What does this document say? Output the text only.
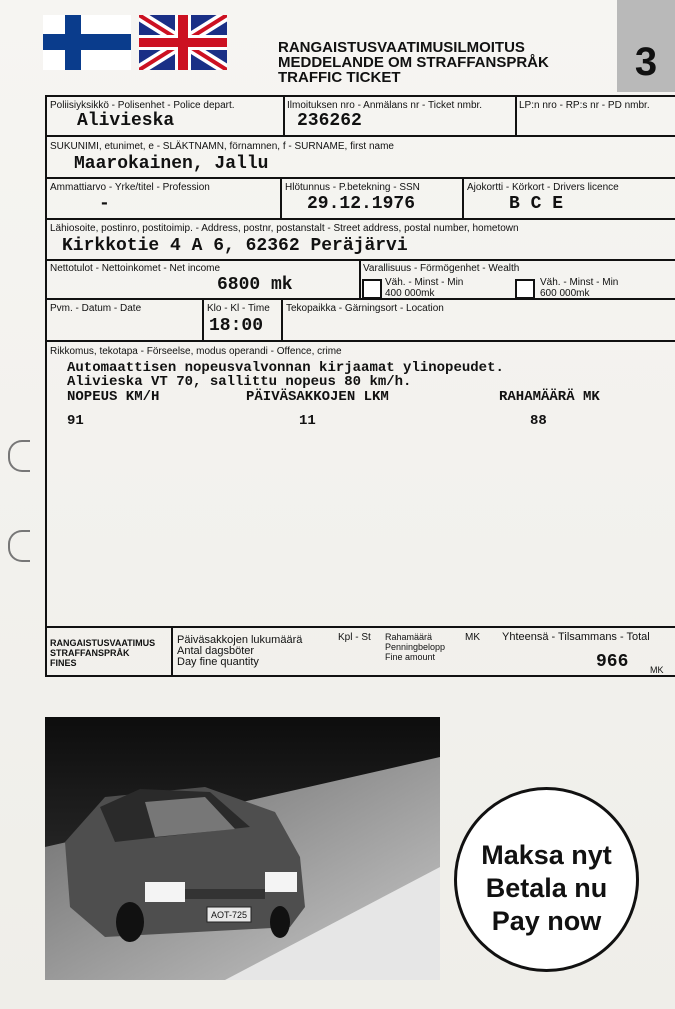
3
RANGAISTUSVAATIMUSILMOITUS
MEDDELANDE OM STRAFFANSPRÅK
TRAFFIC TICKET
Poliisiyksikkö - Polisenhet - Police depart.
Alivieska
Ilmoituksen nro - Anmälans nr - Ticket nmbr.
236262
LP:n nro - RP:s nr - PD nmbr.
SUKUNIMI, etunimet, e - SLÄKTNAMN, förnamnen, f - SURNAME, first name
Maarokainen, Jallu
Ammattiarvo - Yrke/titel - Profession
-
Hlötunnus - P.betekning - SSN
29.12.1976
Ajokortti - Körkort - Drivers licence
B C E
Lähiosoite, postinro, postitoimip. - Address, postnr, postanstalt - Street address, postal number, hometown
Kirkkotie 4 A 6, 62362 Peräjärvi
Nettotulot - Nettoinkomet - Net income
6800 mk
Varallisuus - Förmögenhet - Wealth
Väh. - Minst - Min
400 000mk
Väh. - Minst - Min
600 000mk
Pvm. - Datum - Date	Klo - Kl - Time
18:00
Tekopaikka - Gärningsort - Location
Rikkomus, tekotapa - Förseelse, modus operandi - Offence, crime
Automaattisen nopeusvalvonnan kirjaamat ylinopeudet.
Alivieska VT 70, sallittu nopeus 80 km/h.
NOPEUS KM/H	PÄIVÄSAKKOJEN LKM	RAHAMÄÄRÄ MK
91	11	88
RANGAISTUSVAATIMUS
STRAFFANSPRÅK
FINES
Päiväsakkojen lukumäärä
Antal dagsböter
Day fine quantity
Kpl - St Rahamäärä
Penningbelopp
Fine amount
MK Yhteensä - Tilsammans - Total
966 MK
AOT-725
Maksa nyt
Betala nu
Pay now
